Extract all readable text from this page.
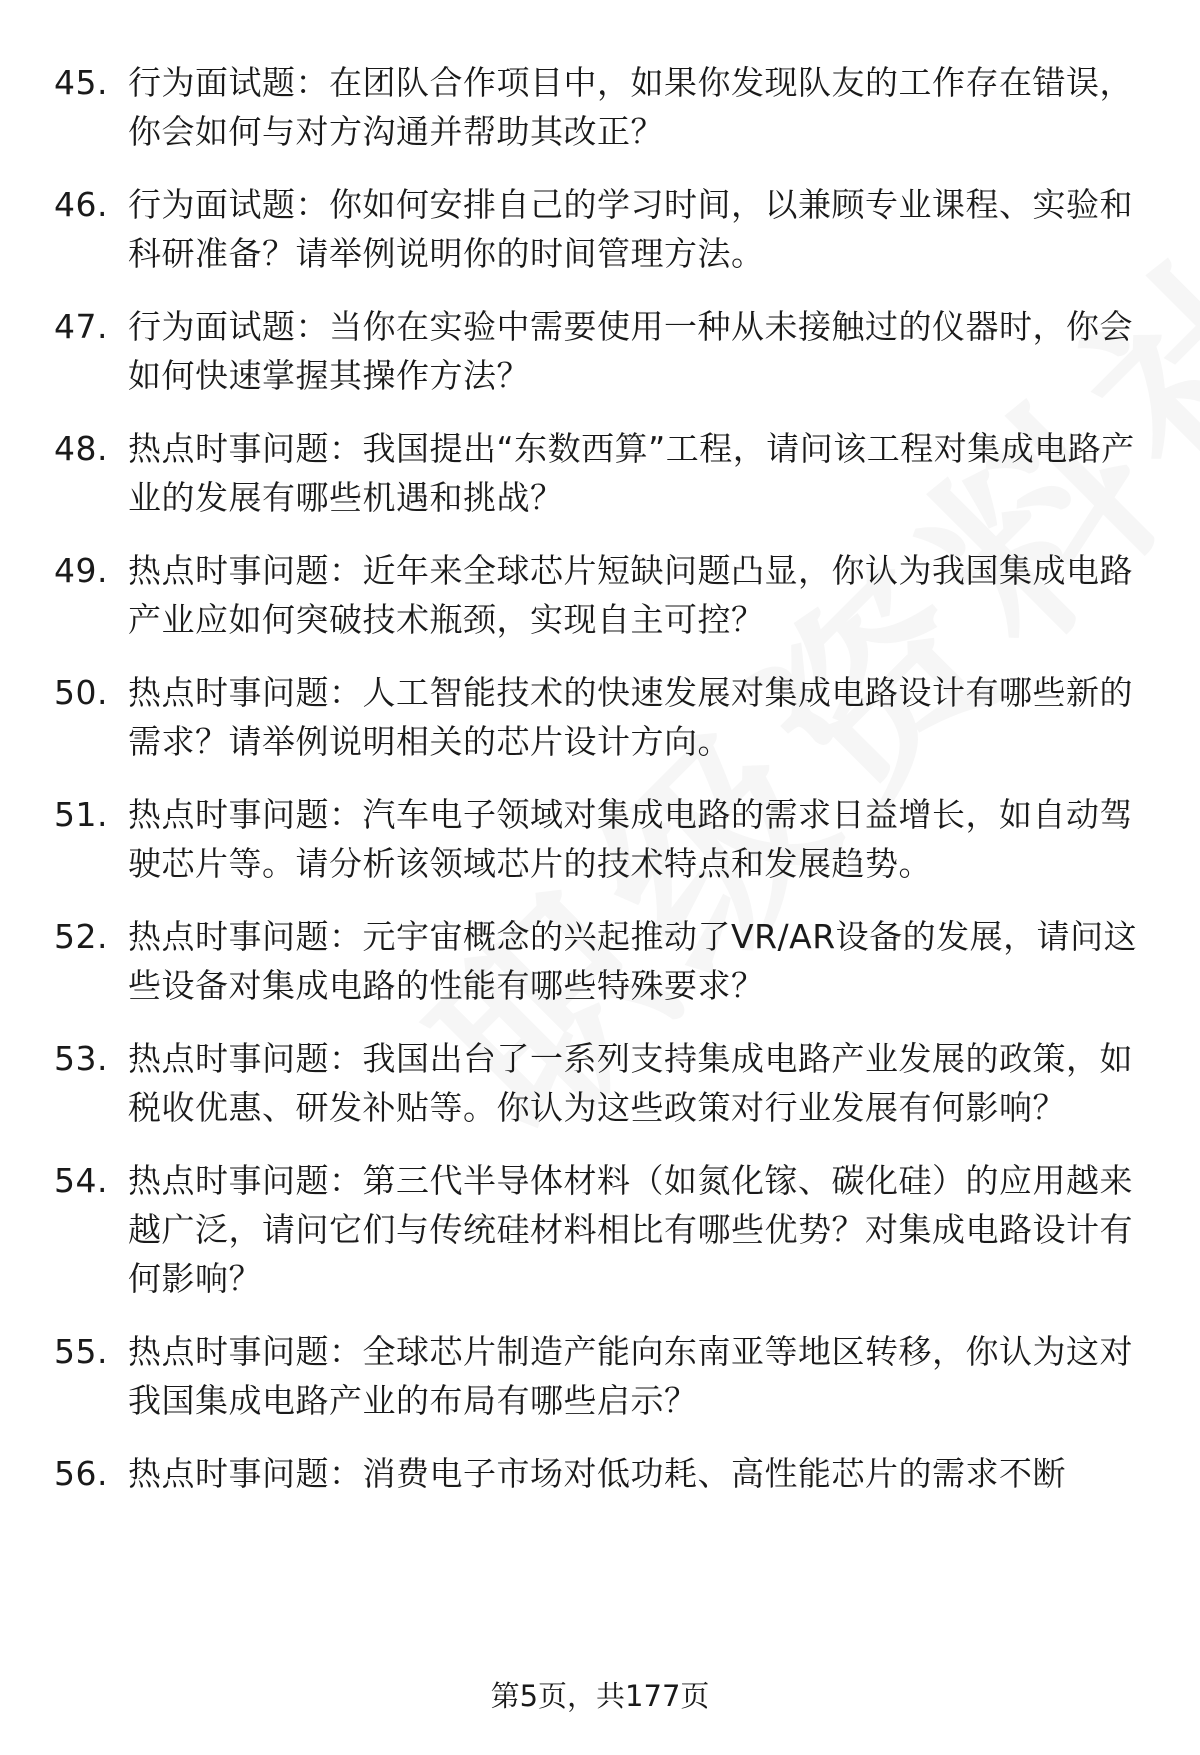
45. 行为面试题：在团队合作项目中，如果你发现队友的工作存在错误，你会如何与对方沟通并帮助其改正？
46. 行为面试题：你如何安排自己的学习时间，以兼顾专业课程、实验和科研准备？请举例说明你的时间管理方法。
47. 行为面试题：当你在实验中需要使用一种从未接触过的仪器时，你会如何快速掌握其操作方法？
48. 热点时事问题：我国提出“东数西算”工程，请问该工程对集成电路产业的发展有哪些机遇和挑战？
49. 热点时事问题：近年来全球芯片短缺问题凸显，你认为我国集成电路产业应如何突破技术瓶颈，实现自主可控？
50. 热点时事问题：人工智能技术的快速发展对集成电路设计有哪些新的需求？请举例说明相关的芯片设计方向。
51. 热点时事问题：汽车电子领域对集成电路的需求日益增长，如自动驾驶芯片等。请分析该领域芯片的技术特点和发展趋势。
52. 热点时事问题：元宇宙概念的兴起推动了VR/AR设备的发展，请问这些设备对集成电路的性能有哪些特殊要求？
53. 热点时事问题：我国出台了一系列支持集成电路产业发展的政策，如税收优惠、研发补贴等。你认为这些政策对行业发展有何影响？
54. 热点时事问题：第三代半导体材料（如氮化镓、碳化硅）的应用越来越广泛，请问它们与传统硅材料相比有哪些优势？对集成电路设计有何影响？
55. 热点时事问题：全球芯片制造产能向东南亚等地区转移，你认为这对我国集成电路产业的布局有哪些启示？
56. 热点时事问题：消费电子市场对低功耗、高性能芯片的需求不断
第5页，共177页
